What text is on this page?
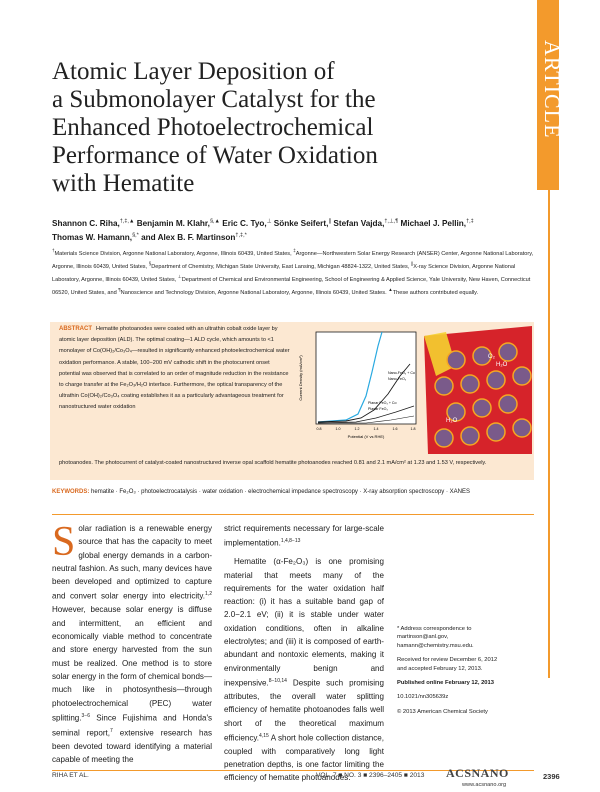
ARTICLE
Atomic Layer Deposition of
a Submonolayer Catalyst for the
Enhanced Photoelectrochemical
Performance of Water Oxidation
with Hematite

Shannon C. Riha,†,‡,▲ Benjamin M. Klahr,§,▲ Eric C. Tyo,⊥ Sönke Seifert,∥ Stefan Vajda,†,⊥,¶ Michael J. Pellin,†,‡
Thomas W. Hamann,§,* and Alex B. F. Martinson†,‡,*

†Materials Science Division, Argonne National Laboratory, Argonne, Illinois 60439, United States, ‡Argonne—Northwestern Solar Energy Research (ANSER) Center, Argonne National Laboratory, Argonne, Illinois 60439, United States, §Department of Chemistry, Michigan State University, East Lansing, Michigan 48824-1322, United States, ∥X-ray Science Division, Argonne National Laboratory, Argonne, Illinois 60439, United States, ⊥Department of Chemical and Environmental Engineering, School of Engineering & Applied Science, Yale University, New Haven, Connecticut 06520, United States, and ¶Nanoscience and Technology Division, Argonne National Laboratory, Argonne, Illinois 60439, United States. ▲These authors contributed equally.

ABSTRACT Hematite photoanodes were coated with an ultrathin cobalt oxide layer by atomic layer deposition (ALD). The optimal coating—1 ALD cycle, which amounts to <1 monolayer of Co(OH)₂/Co₃O₄—resulted in significantly enhanced photoelectrochemical water oxidation performance. A stable, 100−200 mV cathodic shift in the photocurrent onset potential was observed that is correlated to an order of magnitude reduction in the resistance to charge transfer at the Fe₂O₃/H₂O interface. Furthermore, the optical transparency of the ultrathin Co(OH)₂/Co₃O₄ coating establishes it as a particularly advantageous treatment for nanostructured water oxidation

photoanodes. The photocurrent of catalyst-coated nanostructured inverse opal scaffold hematite photoanodes reached 0.81 and 2.1 mA/cm² at 1.23 and 1.53 V, respectively.

Current Density (mA/cm²)
Potential (V vs RHE)
0.8	1.0	1.2	1.4	1.6	1.8
Nano-FeO₃ + Co
Nano-FeO₃
Planar FeO₃ + Co
Planar FeO₃
H₂O
O₂
H₂O

KEYWORDS: hematite · Fe₂O₃ · photoelectrocatalysis · water oxidation · electrochemical impedance spectroscopy · X-ray absorption spectroscopy · XANES

Solar radiation is a renewable energy source that has the capacity to meet global energy demands in a carbon-neutral fashion. As such, many devices have been developed and optimized to capture and convert solar energy into electricity.$^{1,2}$ However, because solar energy is diffuse and intermittent, an efficient and economically viable method to concentrate and store energy harvested from the sun must be realized. One method is to store solar energy in the form of chemical bonds—much like in photosynthesis—through photoelectrochemical (PEC) water splitting.$^{3-6}$ Since Fujishima and Honda's seminal report,$^7$ extensive research has been devoted toward identifying a material capable of meeting the

strict requirements necessary for large-scale implementation.$^{1,4,8-13}$
Hematite (α-Fe₂O₃) is one promising material that meets many of the requirements for the water oxidation half reaction: (i) it has a suitable band gap of 2.0−2.1 eV; (ii) it is stable under water oxidation conditions, often in alkaline electrolytes; and (iii) it is composed of earth-abundant and nontoxic elements, making it environmentally benign and inexpensive.$^{8-10,14}$ Despite such promising attributes, the overall water splitting efficiency of hematite photoanodes falls well short of the theoretical maximum efficiency.$^{4,15}$ A short hole collection distance, coupled with comparatively long light penetration depths, is one factor limiting the efficiency of hematite photoanodes.

* Address correspondence to
martinson@anl.gov,
hamann@chemistry.msu.edu.

Received for review December 6, 2012
and accepted February 12, 2013.

Published online February 12, 2013

10.1021/nn305639z

© 2013 American Chemical Society

RIHA ET AL.	VOL. 7 ■ NO. 3 ■ 2396–2405 ■ 2013 ACSNANO	2396
www.acsnano.org
